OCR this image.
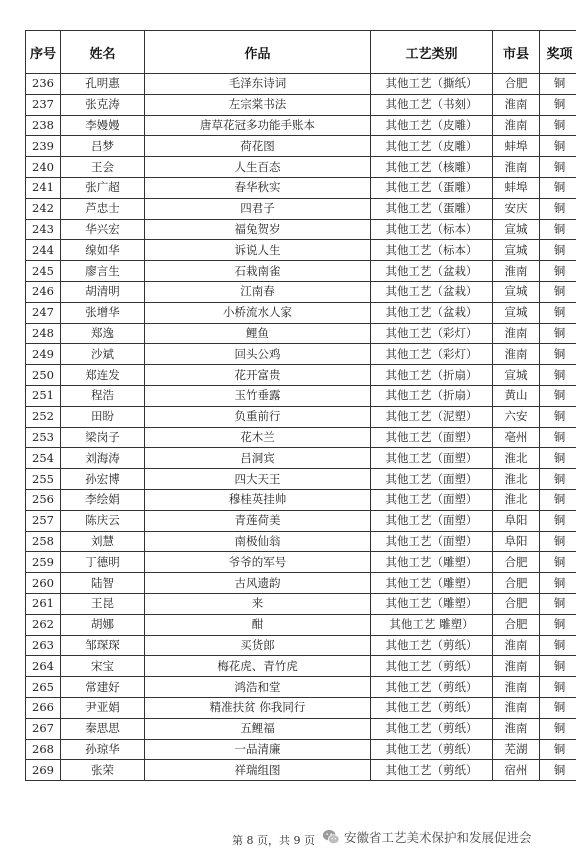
序号	姓名	作品	工艺类别	市县	奖项
236	孔明惠	毛泽东诗词	其他工艺（撕纸）	合肥	铜
237	张克涛	左宗棠书法	其他工艺（书刻）	淮南	铜
238	李嫚嫚	唐草花冠多功能手账本	其他工艺（皮雕）	淮南	铜
239	吕梦	荷花图	其他工艺（皮雕）	蚌埠	铜
240	王会	人生百态	其他工艺（核雕）	淮南	铜
241	张广超	春华秋实	其他工艺（蛋雕）	蚌埠	铜
242	芦忠士	四君子	其他工艺（蛋雕）	安庆	铜
243	华兴宏	福兔贺岁	其他工艺（标本）	宣城	铜
244	缐如华	诉说人生	其他工艺（标本）	宣城	铜
245	廖言生	石栽南雀	其他工艺（盆栽）	淮南	铜
246	胡清明	江南春	其他工艺（盆栽）	宣城	铜
247	张增华	小桥流水人家	其他工艺（盆栽）	宣城	铜
248	郑逸	鲤鱼	其他工艺（彩灯）	淮南	铜
249	沙斌	回头公鸡	其他工艺（彩灯）	淮南	铜
250	郑连发	花开富贵	其他工艺（折扇）	宣城	铜
251	程浩	玉竹垂露	其他工艺（折扇）	黄山	铜
252	田盼	负重前行	其他工艺（泥塑）	六安	铜
253	梁岗子	花木兰	其他工艺（面塑）	亳州	铜
254	刘海涛	吕洞宾	其他工艺（面塑）	淮北	铜
255	孙宏博	四大天王	其他工艺（面塑）	淮北	铜
256	李绘娟	穆桂英挂帅	其他工艺（面塑）	淮北	铜
257	陈庆云	青莲荷美	其他工艺（面塑）	阜阳	铜
258	刘慧	南极仙翁	其他工艺（面塑）	阜阳	铜
259	丁德明	爷爷的军号	其他工艺（雕塑）	合肥	铜
260	陆智	古风遗韵	其他工艺（雕塑）	合肥	铜
261	王昆	来	其他工艺（雕塑）	合肥	铜
262	胡娜	酣	其他工艺 雕塑）	合肥	铜
263	邹琛琛	买货郎	其他工艺（剪纸）	淮南	铜
264	宋宝	梅花虎、青竹虎	其他工艺（剪纸）	淮南	铜
265	常建好	鸿浩和堂	其他工艺（剪纸）	淮南	铜
266	尹亚娟	精准扶贫 你我同行	其他工艺（剪纸）	淮南	铜
267	秦思思	五鲤福	其他工艺（剪纸）	淮南	铜
268	孙琼华	一品清廉	其他工艺（剪纸）	芜湖	铜
269	张荣	祥瑞组图	其他工艺（剪纸）	宿州	铜
第 8 页，共 9 页 安徽省工艺美术保护和发展促进会
